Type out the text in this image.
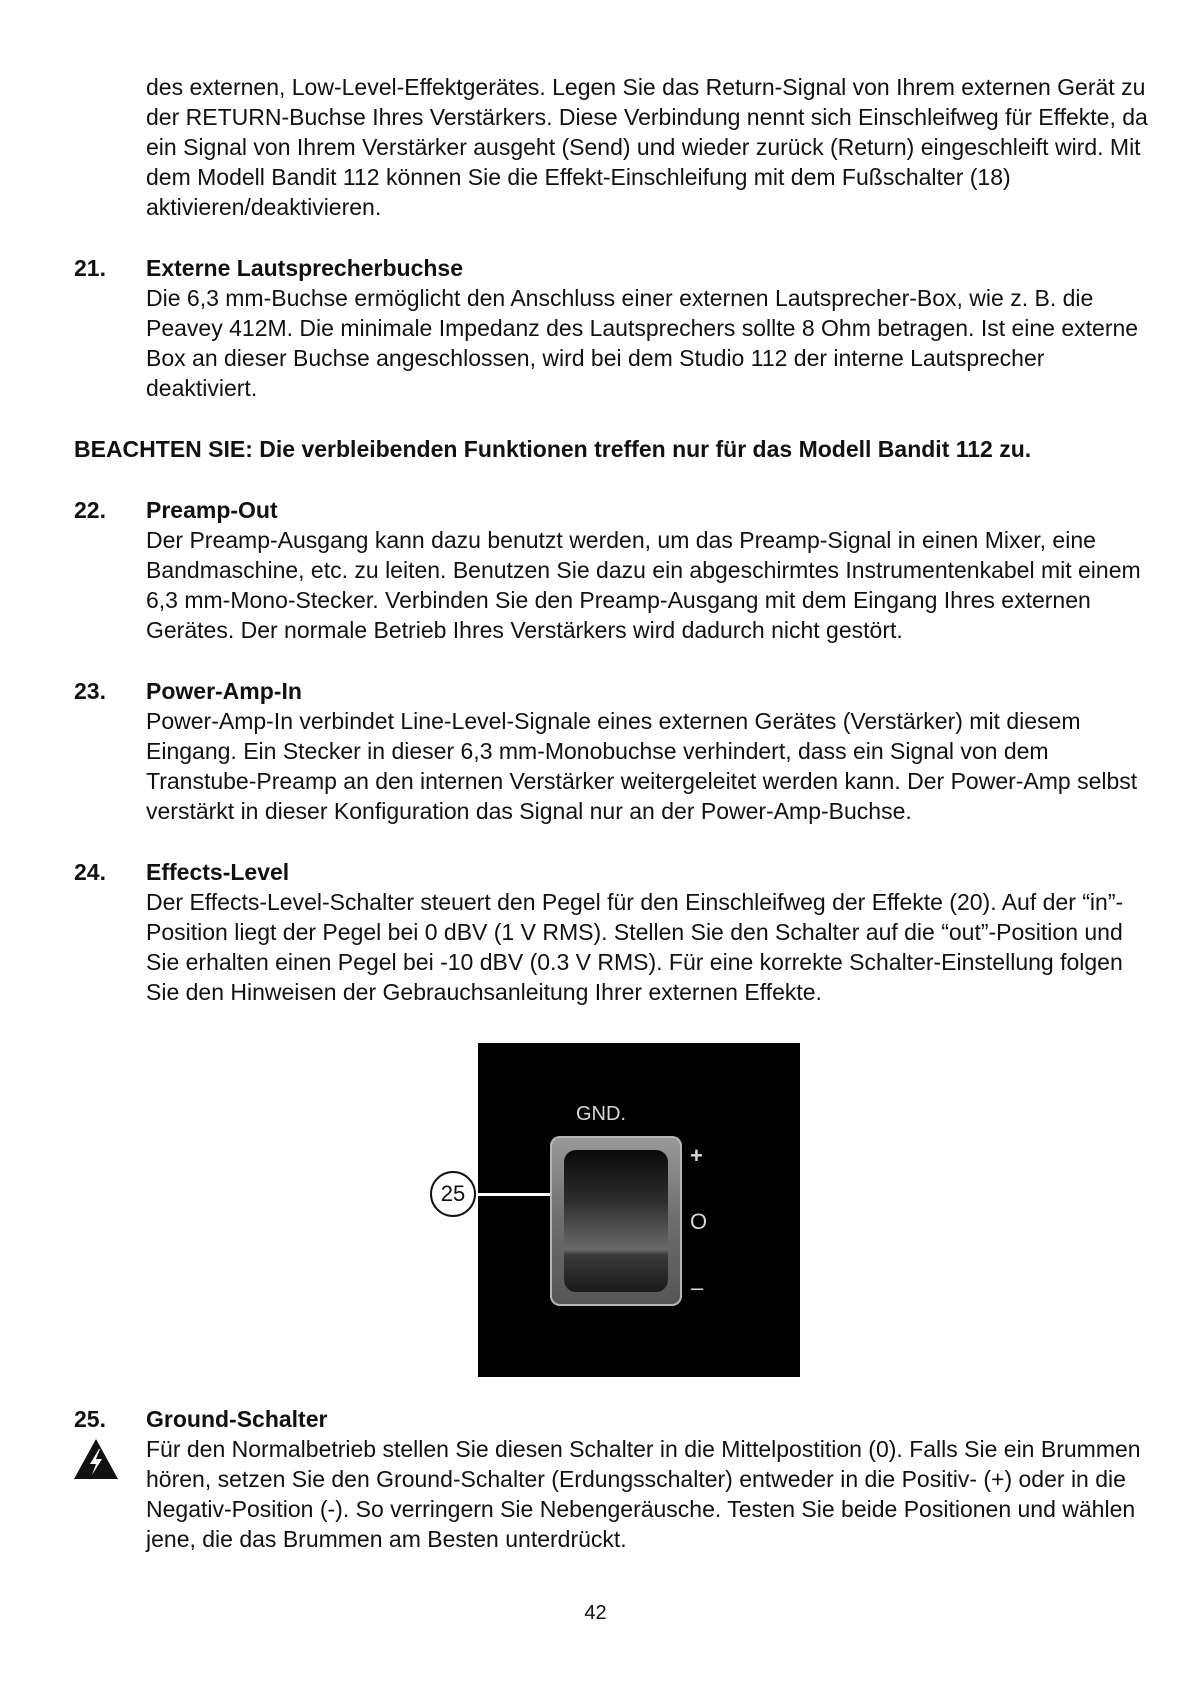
des externen, Low-Level-Effektgerätes. Legen Sie das Return-Signal von Ihrem externen Gerät zu der RETURN-Buchse Ihres Verstärkers. Diese Verbindung nennt sich Einschleifweg für Effekte, da ein Signal von Ihrem Verstärker ausgeht (Send) und wieder zurück (Return) eingeschleift wird. Mit dem Modell Bandit 112 können Sie die Effekt-Einschleifung mit dem Fußschalter (18) aktivieren/deaktivieren.

21. Externe Lautsprecherbuchse

Die 6,3 mm-Buchse ermöglicht den Anschluss einer externen Lautsprecher-Box, wie z. B. die Peavey 412M. Die minimale Impedanz des Lautsprechers sollte 8 Ohm betragen. Ist eine externe Box an dieser Buchse angeschlossen, wird bei dem Studio 112 der interne Lautsprecher deaktiviert.

BEACHTEN SIE: Die verbleibenden Funktionen treffen nur für das Modell Bandit 112 zu.

22. Preamp-Out

Der Preamp-Ausgang kann dazu benutzt werden, um das Preamp-Signal in einen Mixer, eine Bandmaschine, etc. zu leiten. Benutzen Sie dazu ein abgeschirmtes Instrumentenkabel mit einem 6,3 mm-Mono-Stecker. Verbinden Sie den Preamp-Ausgang mit dem Eingang Ihres externen Gerätes. Der normale Betrieb Ihres Verstärkers wird dadurch nicht gestört.

23. Power-Amp-In

Power-Amp-In verbindet Line-Level-Signale eines externen Gerätes (Verstärker) mit diesem Eingang. Ein Stecker in dieser 6,3 mm-Monobuchse verhindert, dass ein Signal von dem Transtube-Preamp an den internen Verstärker weitergeleitet werden kann. Der Power-Amp selbst verstärkt in dieser Konfiguration das Signal nur an der Power-Amp-Buchse.

24. Effects-Level

Der Effects-Level-Schalter steuert den Pegel für den Einschleifweg der Effekte (20). Auf der “in”-Position liegt der Pegel bei 0 dBV (1 V RMS). Stellen Sie den Schalter auf die “out”-Position und Sie erhalten einen Pegel bei -10 dBV (0.3 V RMS). Für eine korrekte Schalter-Einstellung folgen Sie den Hinweisen der Gebrauchsanleitung Ihrer externen Effekte.

GND.
+
O
–
25
25. Ground-Schalter

Für den Normalbetrieb stellen Sie diesen Schalter in die Mittelpostition (0). Falls Sie ein Brummen hören, setzen Sie den Ground-Schalter (Erdungsschalter) entweder in die Positiv- (+) oder in die Negativ-Position (-). So verringern Sie Nebengeräusche. Testen Sie beide Positionen und wählen jene, die das Brummen am Besten unterdrückt.

42
